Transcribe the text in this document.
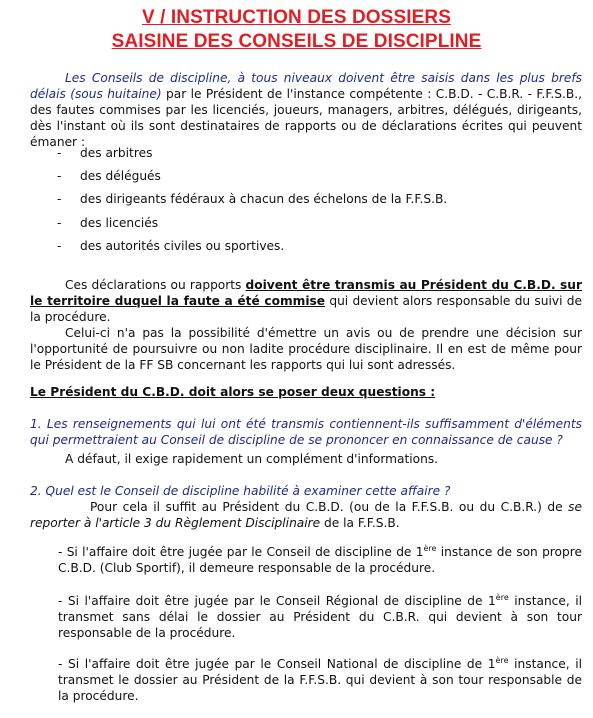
V / INSTRUCTION DES DOSSIERS
SAISINE DES CONSEILS DE DISCIPLINE
Les Conseils de discipline, à tous niveaux doivent être saisis dans les plus brefs délais (sous huitaine) par le Président de l'instance compétente : C.B.D. - C.B.R. - F.F.S.B., des fautes commises par les licenciés, joueurs, managers, arbitres, délégués, dirigeants, dès l'instant où ils sont destinataires de rapports ou de déclarations écrites qui peuvent émaner :
- des arbitres
- des délégués
- des dirigeants fédéraux à chacun des échelons de la F.F.S.B.
- des licenciés
- des autorités civiles ou sportives.
Ces déclarations ou rapports doivent être transmis au Président du C.B.D. sur le territoire duquel la faute a été commise qui devient alors responsable du suivi de la procédure.
Celui-ci n'a pas la possibilité d'émettre un avis ou de prendre une décision sur l'opportunité de poursuivre ou non ladite procédure disciplinaire. Il en est de même pour le Président de la FF SB concernant les rapports qui lui sont adressés.
Le Président du C.B.D. doit alors se poser deux questions :
1. Les renseignements qui lui ont été transmis contiennent-ils suffisamment d'éléments qui permettraient au Conseil de discipline de se prononcer en connaissance de cause ?
A défaut, il exige rapidement un complément d'informations.
2. Quel est le Conseil de discipline habilité à examiner cette affaire ?
Pour cela il suffit au Président du C.B.D. (ou de la F.F.S.B. ou du C.B.R.) de se reporter à l'article 3 du Règlement Disciplinaire de la F.F.S.B.
- Si l'affaire doit être jugée par le Conseil de discipline de 1ère instance de son propre C.B.D. (Club Sportif), il demeure responsable de la procédure.
- Si l'affaire doit être jugée par le Conseil Régional de discipline de 1ère instance, il transmet sans délai le dossier au Président du C.B.R. qui devient à son tour responsable de la procédure.
- Si l'affaire doit être jugée par le Conseil National de discipline de 1ère instance, il transmet le dossier au Président de la F.F.S.B. qui devient à son tour responsable de la procédure.
